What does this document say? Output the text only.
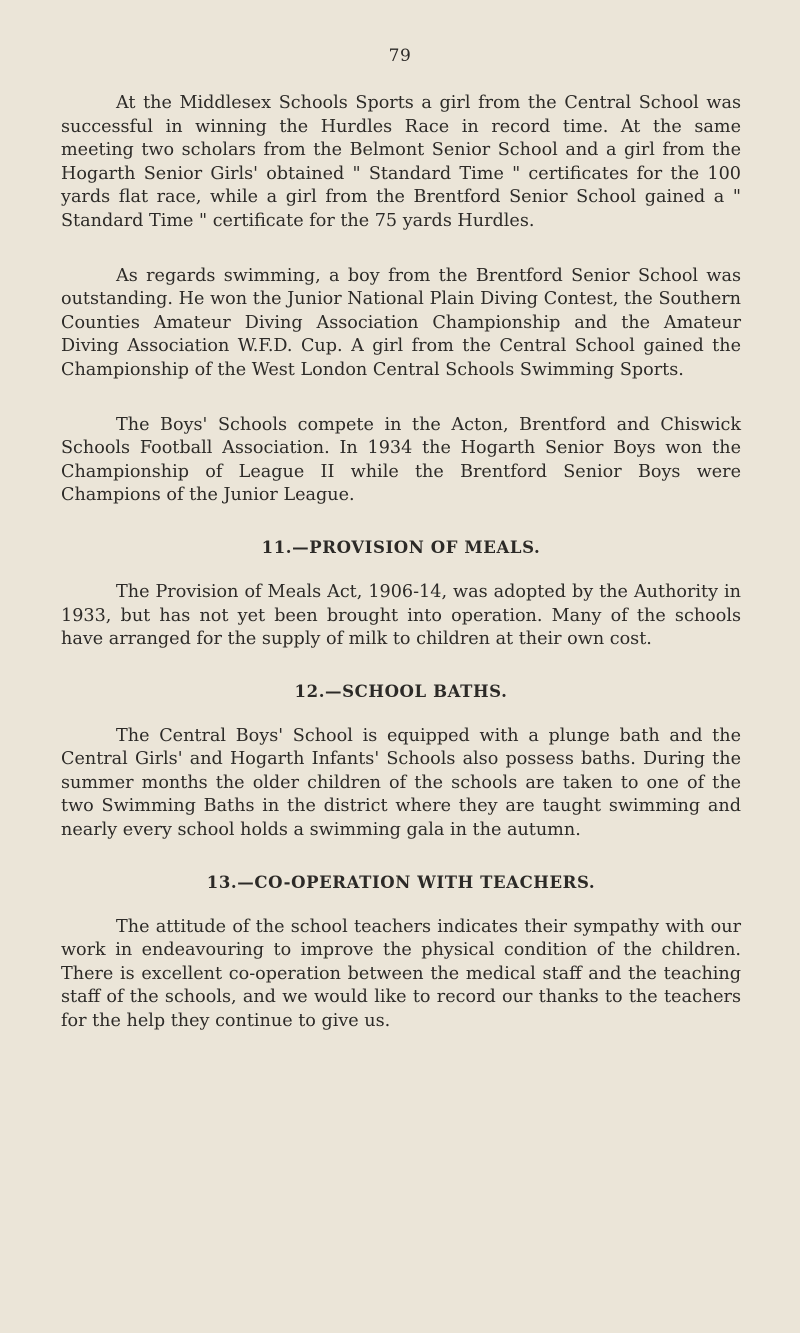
79

At the Middlesex Schools Sports a girl from the Central School was successful in winning the Hurdles Race in record time. At the same meeting two scholars from the Belmont Senior School and a girl from the Hogarth Senior Girls' obtained " Standard Time " certificates for the 100 yards flat race, while a girl from the Brentford Senior School gained a " Standard Time " certificate for the 75 yards Hurdles.

As regards swimming, a boy from the Brentford Senior School was outstanding. He won the Junior National Plain Diving Contest, the Southern Counties Amateur Diving Association Championship and the Amateur Diving Association W.F.D. Cup. A girl from the Central School gained the Championship of the West London Central Schools Swimming Sports.

The Boys' Schools compete in the Acton, Brentford and Chiswick Schools Football Association. In 1934 the Hogarth Senior Boys won the Championship of League II while the Brentford Senior Boys were Champions of the Junior League.

11.—PROVISION OF MEALS.

The Provision of Meals Act, 1906-14, was adopted by the Authority in 1933, but has not yet been brought into operation. Many of the schools have arranged for the supply of milk to children at their own cost.

12.—SCHOOL BATHS.

The Central Boys' School is equipped with a plunge bath and the Central Girls' and Hogarth Infants' Schools also possess baths. During the summer months the older children of the schools are taken to one of the two Swimming Baths in the district where they are taught swimming and nearly every school holds a swimming gala in the autumn.

13.—CO-OPERATION WITH TEACHERS.

The attitude of the school teachers indicates their sympathy with our work in endeavouring to improve the physical condition of the children. There is excellent co-operation between the medical staff and the teaching staff of the schools, and we would like to record our thanks to the teachers for the help they continue to give us.
